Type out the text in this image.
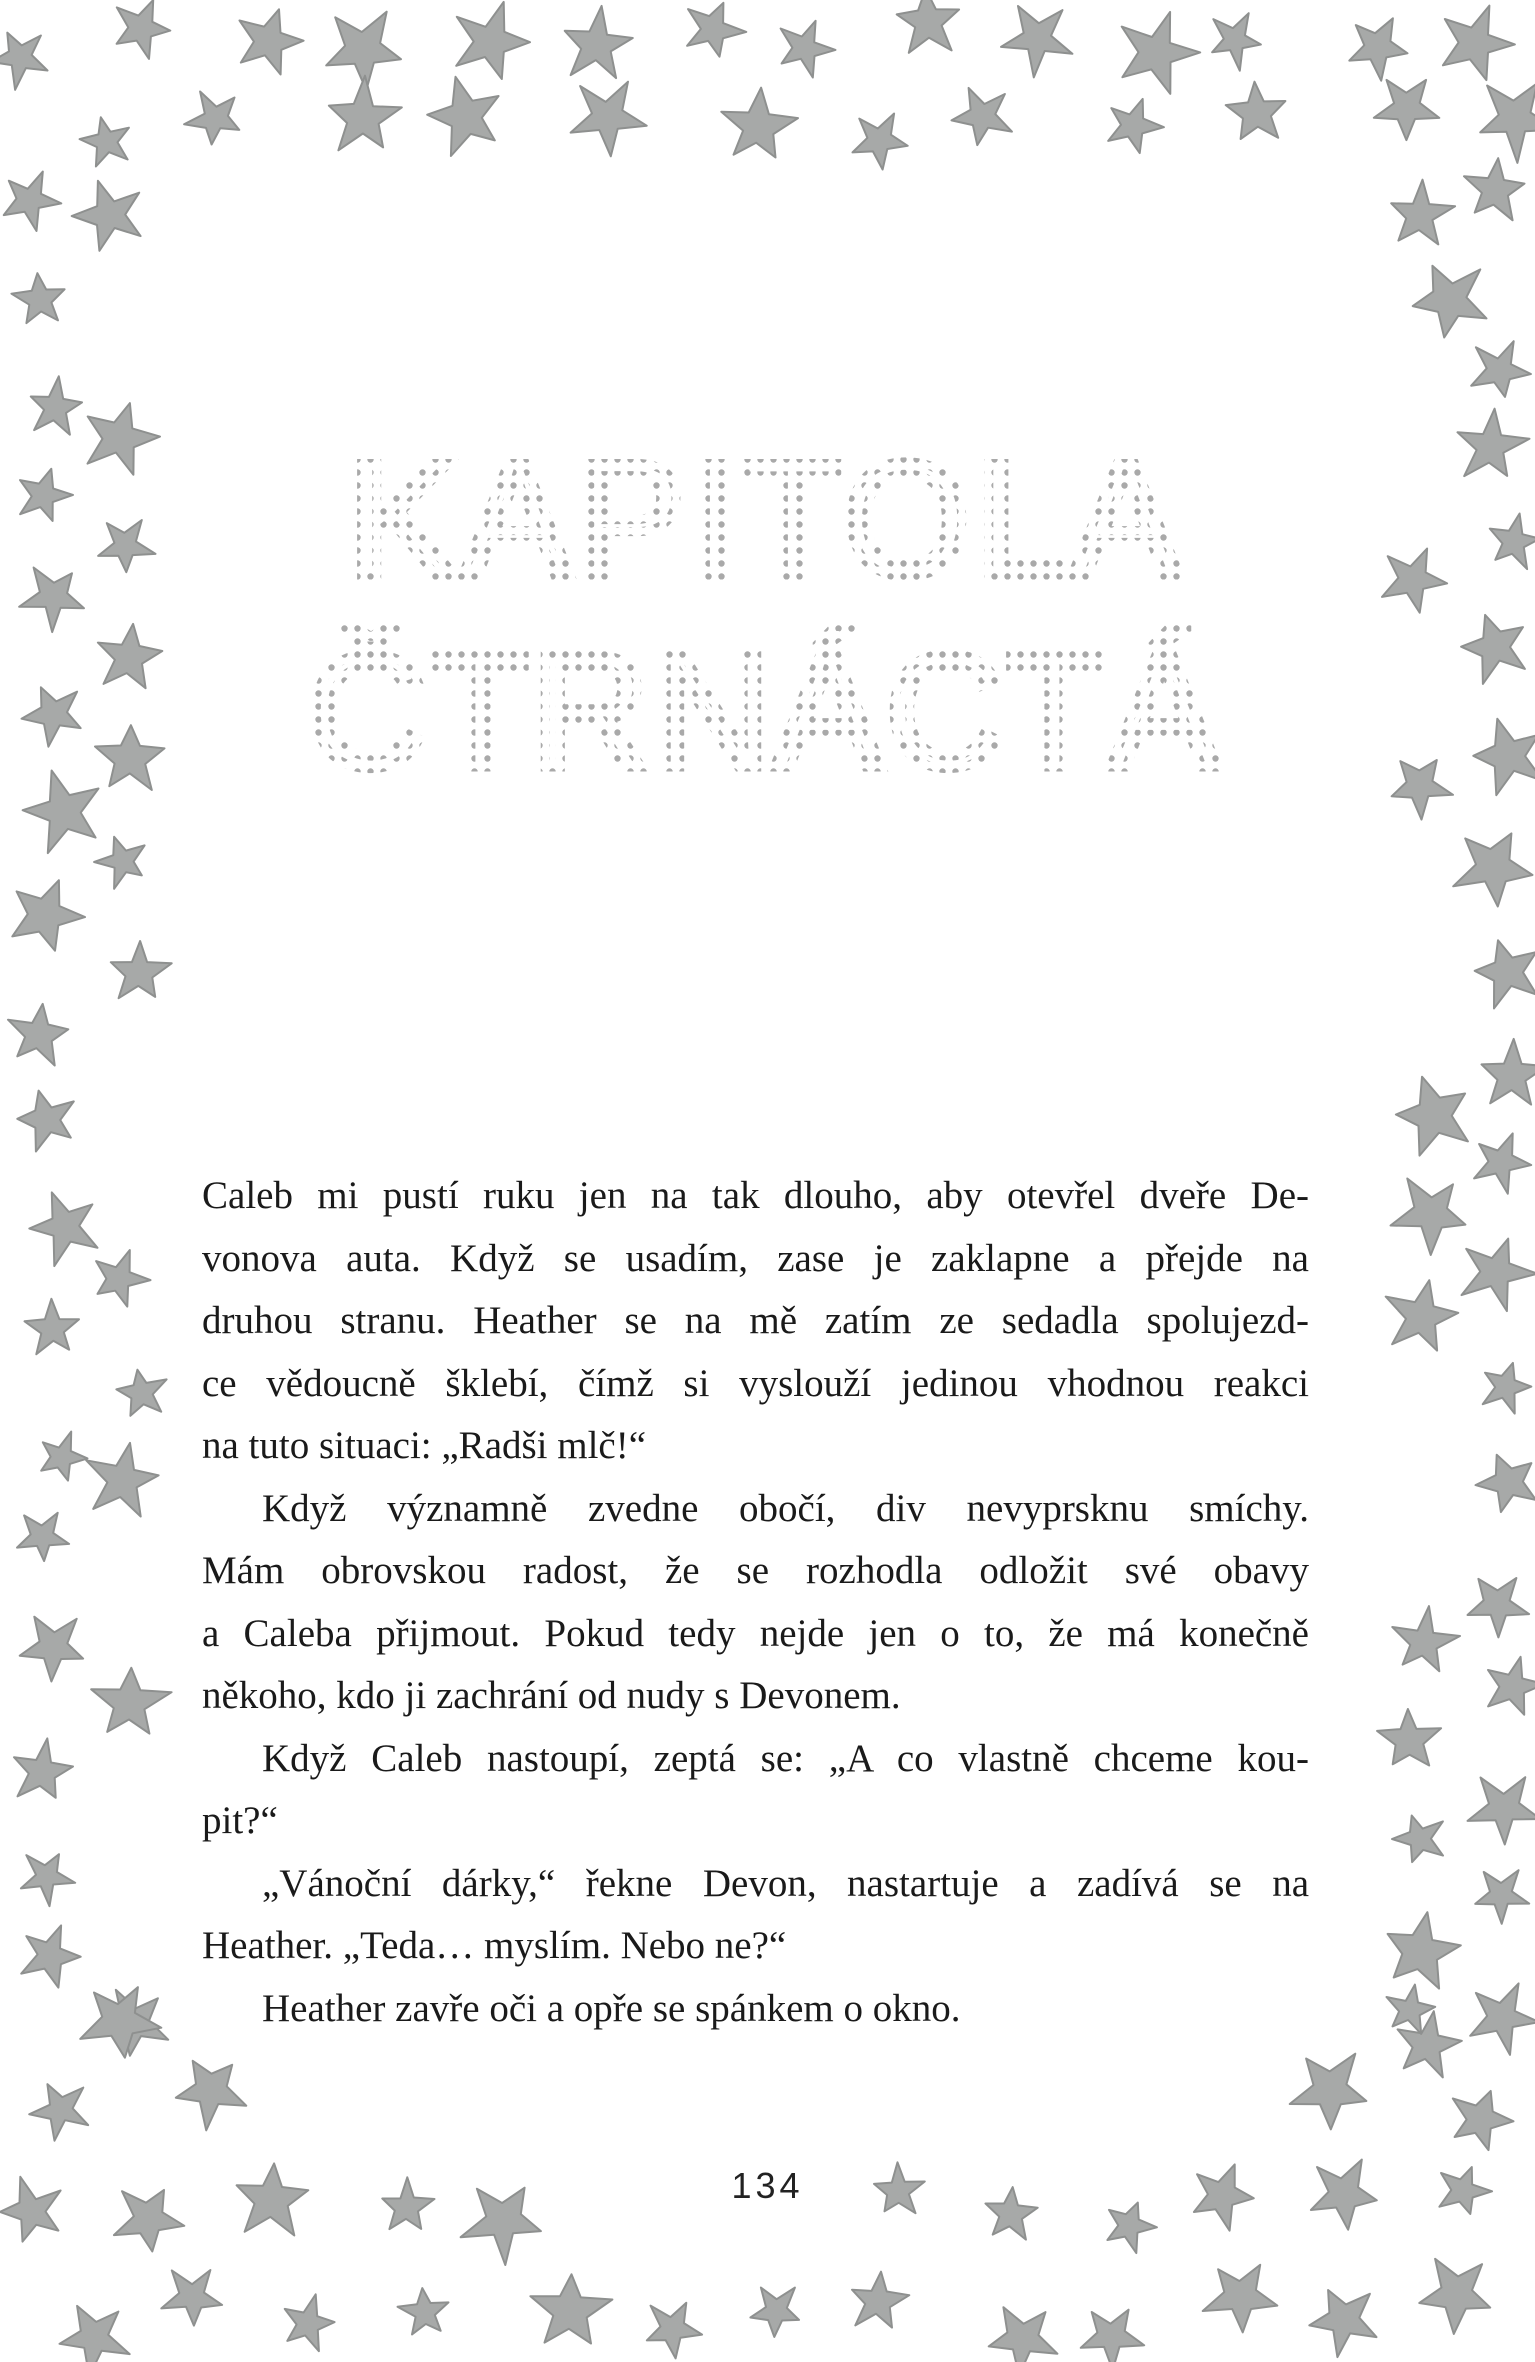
KAPITOLA
ČTRNÁCTÁ
Caleb mi pustí ruku jen na tak dlouho, aby otevřel dveře De-
vonova auta. Když se usadím, zase je zaklapne a přejde na
druhou stranu. Heather se na mě zatím ze sedadla spolujezd-
ce vědoucně šklebí, čímž si vyslouží jedinou vhodnou reakci
na tuto situaci: „Radši mlč!“
Když významně zvedne obočí, div nevyprsknu smíchy.
Mám obrovskou radost, že se rozhodla odložit své obavy
a Caleba přijmout. Pokud tedy nejde jen o to, že má konečně
někoho, kdo ji zachrání od nudy s Devonem.
Když Caleb nastoupí, zeptá se: „A co vlastně chceme kou-
pit?“
„Vánoční dárky,“ řekne Devon, nastartuje a zadívá se na
Heather. „Teda… myslím. Nebo ne?“
Heather zavře oči a opře se spánkem o okno.
134
